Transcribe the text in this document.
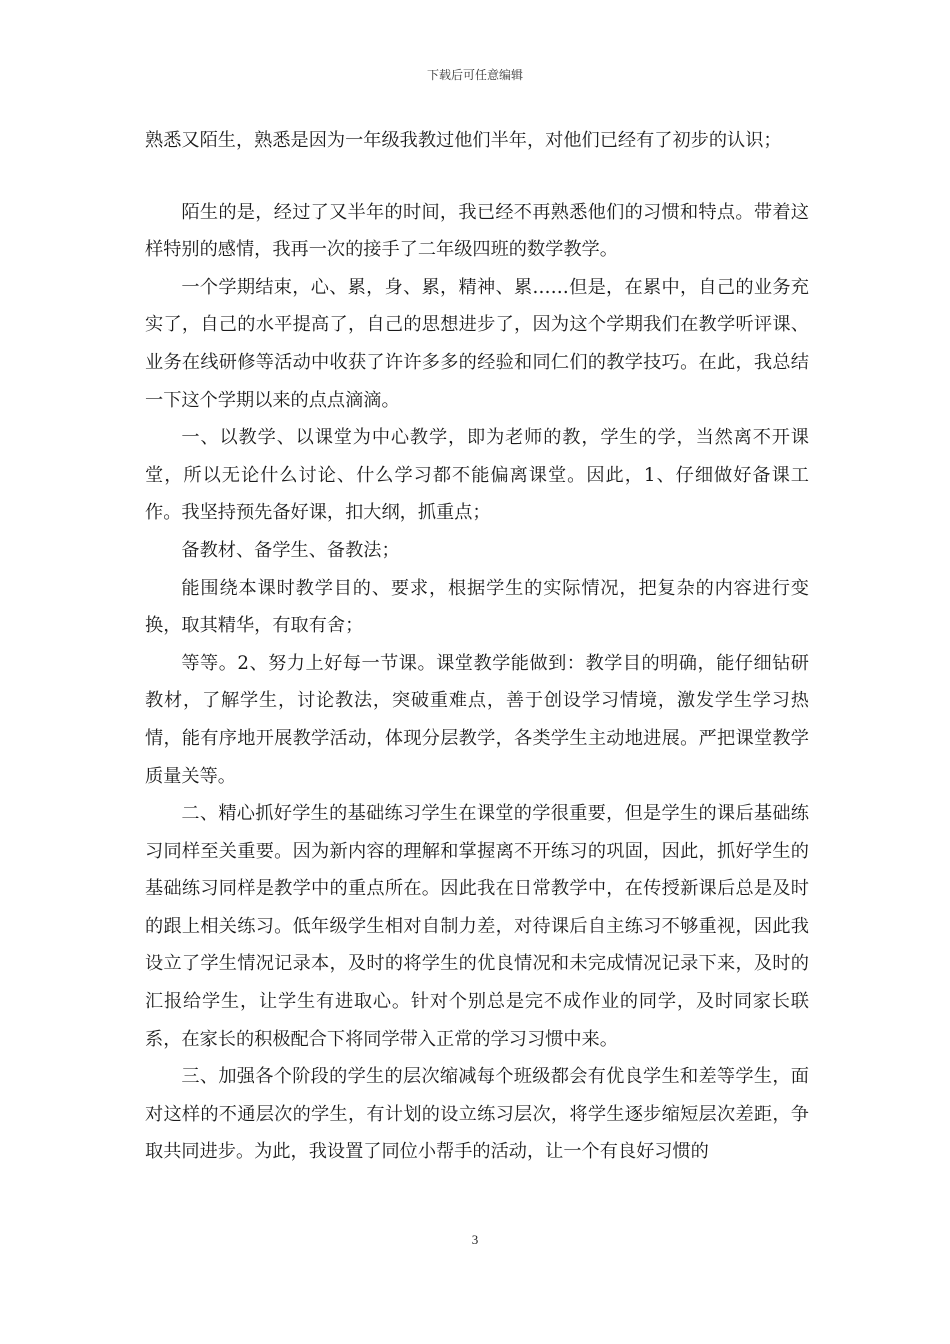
下载后可任意编辑

熟悉又陌生，熟悉是因为一年级我教过他们半年，对他们已经有了初步的认识；

陌生的是，经过了又半年的时间，我已经不再熟悉他们的习惯和特点。带着这样特别的感情，我再一次的接手了二年级四班的数学教学。

一个学期结束，心、累，身、累，精神、累……但是，在累中，自己的业务充实了，自己的水平提高了，自己的思想进步了，因为这个学期我们在教学听评课、业务在线研修等活动中收获了许许多多的经验和同仁们的教学技巧。在此，我总结一下这个学期以来的点点滴滴。

一、以教学、以课堂为中心教学，即为老师的教，学生的学，当然离不开课堂，所以无论什么讨论、什么学习都不能偏离课堂。因此，1、仔细做好备课工作。我坚持预先备好课，扣大纲，抓重点；

备教材、备学生、备教法；

能围绕本课时教学目的、要求，根据学生的实际情况，把复杂的内容进行变换，取其精华，有取有舍；

等等。2、努力上好每一节课。课堂教学能做到：教学目的明确，能仔细钻研教材，了解学生，讨论教法，突破重难点，善于创设学习情境，激发学生学习热情，能有序地开展教学活动，体现分层教学，各类学生主动地进展。严把课堂教学质量关等。

二、精心抓好学生的基础练习学生在课堂的学很重要，但是学生的课后基础练习同样至关重要。因为新内容的理解和掌握离不开练习的巩固，因此，抓好学生的基础练习同样是教学中的重点所在。因此我在日常教学中，在传授新课后总是及时的跟上相关练习。低年级学生相对自制力差，对待课后自主练习不够重视，因此我设立了学生情况记录本，及时的将学生的优良情况和未完成情况记录下来，及时的汇报给学生，让学生有进取心。针对个别总是完不成作业的同学，及时同家长联系，在家长的积极配合下将同学带入正常的学习习惯中来。

三、加强各个阶段的学生的层次缩减每个班级都会有优良学生和差等学生，面对这样的不通层次的学生，有计划的设立练习层次，将学生逐步缩短层次差距，争取共同进步。为此，我设置了同位小帮手的活动，让一个有良好习惯的

3
